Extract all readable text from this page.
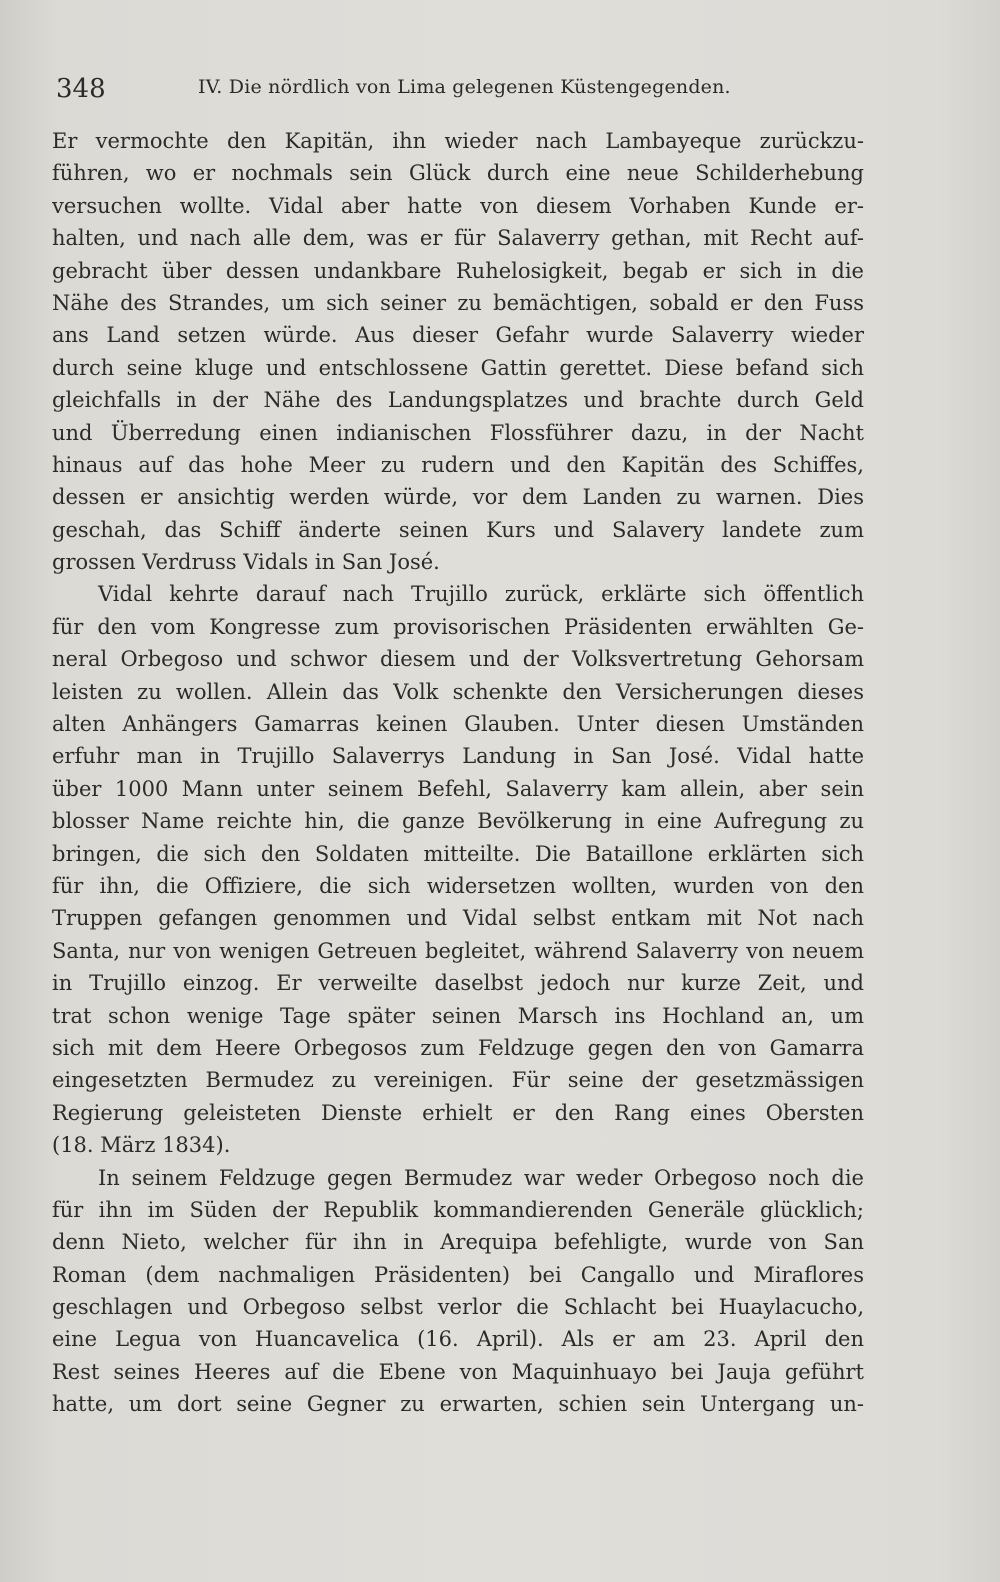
348	IV. Die nördlich von Lima gelegenen Küstengegenden.
Er vermochte den Kapitän, ihn wieder nach Lambayeque zurückzu-
führen, wo er nochmals sein Glück durch eine neue Schilderhebung
versuchen wollte. Vidal aber hatte von diesem Vorhaben Kunde er-
halten, und nach alle dem, was er für Salaverry gethan, mit Recht auf-
gebracht über dessen undankbare Ruhelosigkeit, begab er sich in die
Nähe des Strandes, um sich seiner zu bemächtigen, sobald er den Fuss
ans Land setzen würde. Aus dieser Gefahr wurde Salaverry wieder
durch seine kluge und entschlossene Gattin gerettet. Diese befand sich
gleichfalls in der Nähe des Landungsplatzes und brachte durch Geld
und Überredung einen indianischen Flossführer dazu, in der Nacht
hinaus auf das hohe Meer zu rudern und den Kapitän des Schiffes,
dessen er ansichtig werden würde, vor dem Landen zu warnen. Dies
geschah, das Schiff änderte seinen Kurs und Salavery landete zum
grossen Verdruss Vidals in San José.
Vidal kehrte darauf nach Trujillo zurück, erklärte sich öffentlich
für den vom Kongresse zum provisorischen Präsidenten erwählten Ge-
neral Orbegoso und schwor diesem und der Volksvertretung Gehorsam
leisten zu wollen. Allein das Volk schenkte den Versicherungen dieses
alten Anhängers Gamarras keinen Glauben. Unter diesen Umständen
erfuhr man in Trujillo Salaverrys Landung in San José. Vidal hatte
über 1000 Mann unter seinem Befehl, Salaverry kam allein, aber sein
blosser Name reichte hin, die ganze Bevölkerung in eine Aufregung zu
bringen, die sich den Soldaten mitteilte. Die Bataillone erklärten sich
für ihn, die Offiziere, die sich widersetzen wollten, wurden von den
Truppen gefangen genommen und Vidal selbst entkam mit Not nach
Santa, nur von wenigen Getreuen begleitet, während Salaverry von neuem
in Trujillo einzog. Er verweilte daselbst jedoch nur kurze Zeit, und
trat schon wenige Tage später seinen Marsch ins Hochland an, um
sich mit dem Heere Orbegosos zum Feldzuge gegen den von Gamarra
eingesetzten Bermudez zu vereinigen. Für seine der gesetzmässigen
Regierung geleisteten Dienste erhielt er den Rang eines Obersten
(18. März 1834).
In seinem Feldzuge gegen Bermudez war weder Orbegoso noch die
für ihn im Süden der Republik kommandierenden Generäle glücklich;
denn Nieto, welcher für ihn in Arequipa befehligte, wurde von San
Roman (dem nachmaligen Präsidenten) bei Cangallo und Miraflores
geschlagen und Orbegoso selbst verlor die Schlacht bei Huaylacucho,
eine Legua von Huancavelica (16. April). Als er am 23. April den
Rest seines Heeres auf die Ebene von Maquinhuayo bei Jauja geführt
hatte, um dort seine Gegner zu erwarten, schien sein Untergang un-
